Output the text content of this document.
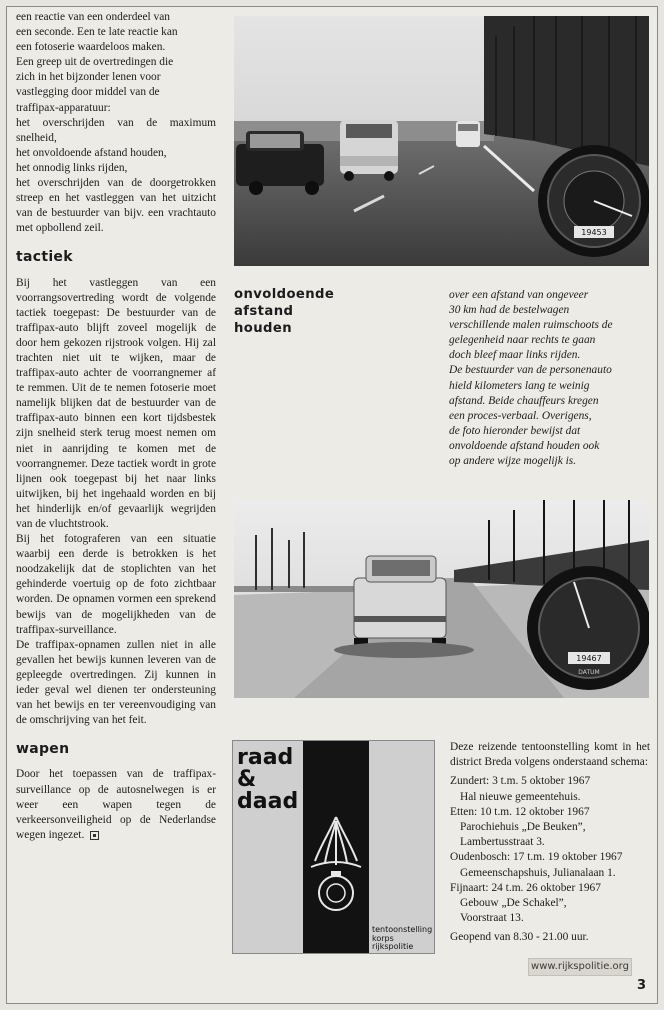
een reactie van een onderdeel van

een seconde. Een te late reactie kan

een fotoserie waardeloos maken.

Een greep uit de overtredingen die

zich in het bijzonder lenen voor

vastlegging door middel van de

traffipax-apparatuur:

het overschrijden van de maximum snelheid,

het onvoldoende afstand houden,

het onnodig links rijden,

het overschrijden van de doorgetrokken streep en het vastleggen van het uitzicht van de bestuurder van bijv. een vrachtauto met opbollend zeil.

tactiek

Bij het vastleggen van een voorrangsovertreding wordt de volgende tactiek toegepast: De bestuurder van de traffipax-auto blijft zoveel mogelijk de door hem gekozen rijstrook volgen. Hij zal trachten niet uit te wijken, maar de traffipax-auto achter de voorrangnemer af te remmen. Uit de te nemen fotoserie moet namelijk blijken dat de bestuurder van de traffipax-auto binnen een kort tijdsbestek zijn snelheid sterk terug moest nemen om niet in aanrijding te komen met de voorrangnemer. Deze tactiek wordt in grote lijnen ook toegepast bij het naar links uitwijken, bij het ingehaald worden en bij het hinderlijk en/of gevaarlijk wegrijden van de vluchtstrook.

Bij het fotograferen van een situatie waarbij een derde is betrokken is het noodzakelijk dat de stoplichten van het gehinderde voertuig op de foto zichtbaar worden. De opnamen vormen een sprekend bewijs van de mogelijkheden van de traffipax-surveillance.

De traffipax-opnamen zullen niet in alle gevallen het bewijs kunnen leveren van de gepleegde overtredingen. Zij kunnen in ieder geval wel dienen ter ondersteuning van het bewijs en ter vereenvoudiging van de omschrijving van het feit.

wapen

Door het toepassen van de traffipax-surveillance op de autosnelwegen is er weer een wapen tegen de verkeersonveiligheid op de Nederlandse wegen ingezet.

19453
onvoldoende
afstand
houden
over een afstand van ongeveer
30 km had de bestelwagen
verschillende malen ruimschoots de
gelegenheid naar rechts te gaan
doch bleef maar links rijden.
De bestuurder van de personenauto
hield kilometers lang te weinig
afstand. Beide chauffeurs kregen
een proces-verbaal. Overigens,
de foto hieronder bewijst dat
onvoldoende afstand houden ook
op andere wijze mogelijk is.
19467
DATUM
raad
&
daad
tentoonstelling
korps
rijkspolitie

Deze reizende tentoonstelling komt in het district Breda volgens onderstaand schema:

Zundert: 3 t.m. 5 oktober 1967

Hal nieuwe gemeentehuis.

Etten: 10 t.m. 12 oktober 1967

Parochiehuis „De Beuken”,

Lambertusstraat 3.

Oudenbosch: 17 t.m. 19 oktober 1967

Gemeenschapshuis, Julianalaan 1.

Fijnaart: 24 t.m. 26 oktober 1967

Gebouw „De Schakel”,

Voorstraat 13.

Geopend van 8.30 - 21.00 uur.

www.rijkspolitie.org
3
